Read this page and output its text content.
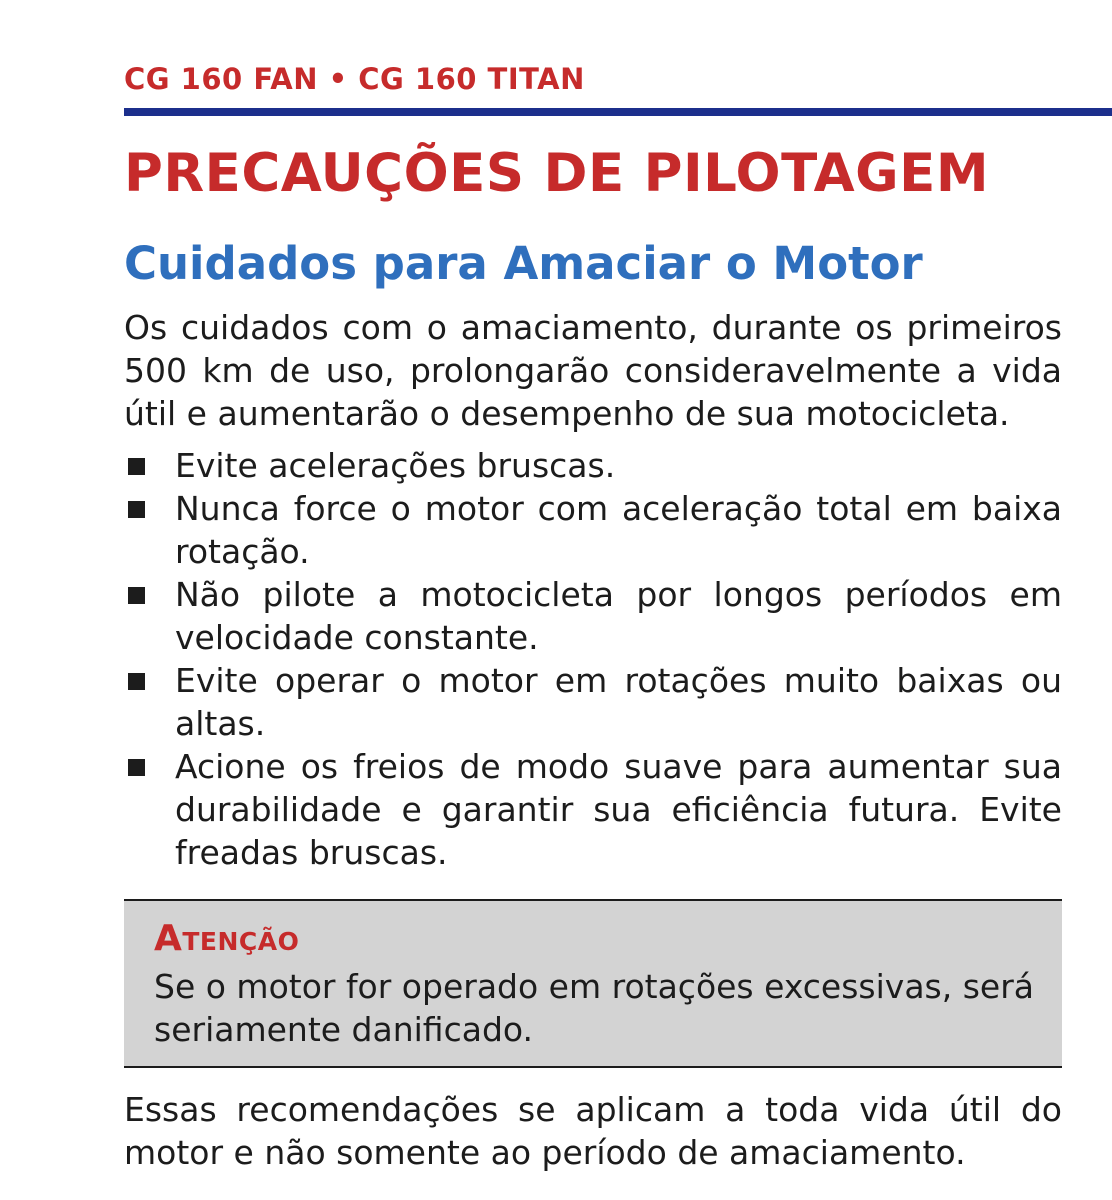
CG 160 FAN • CG 160 TITAN
PRECAUÇÕES DE PILOTAGEM
Cuidados para Amaciar o Motor

Os cuidados com o amaciamento, durante os primeiros 500 km de uso, prolongarão consideravelmente a vida útil e aumentarão o desempenho de sua motocicleta.

Evite acelerações bruscas.
Nunca force o motor com aceleração total em baixa rotação.
Não pilote a motocicleta por longos períodos em velocidade constante.
Evite operar o motor em rotações muito baixas ou altas.
Acione os freios de modo suave para aumentar sua durabilidade e garantir sua eficiência futura. Evite freadas bruscas.
Atenção

Se o motor for operado em rotações excessivas, será seriamente danificado.

Essas recomendações se aplicam a toda vida útil do motor e não somente ao período de amaciamento.
